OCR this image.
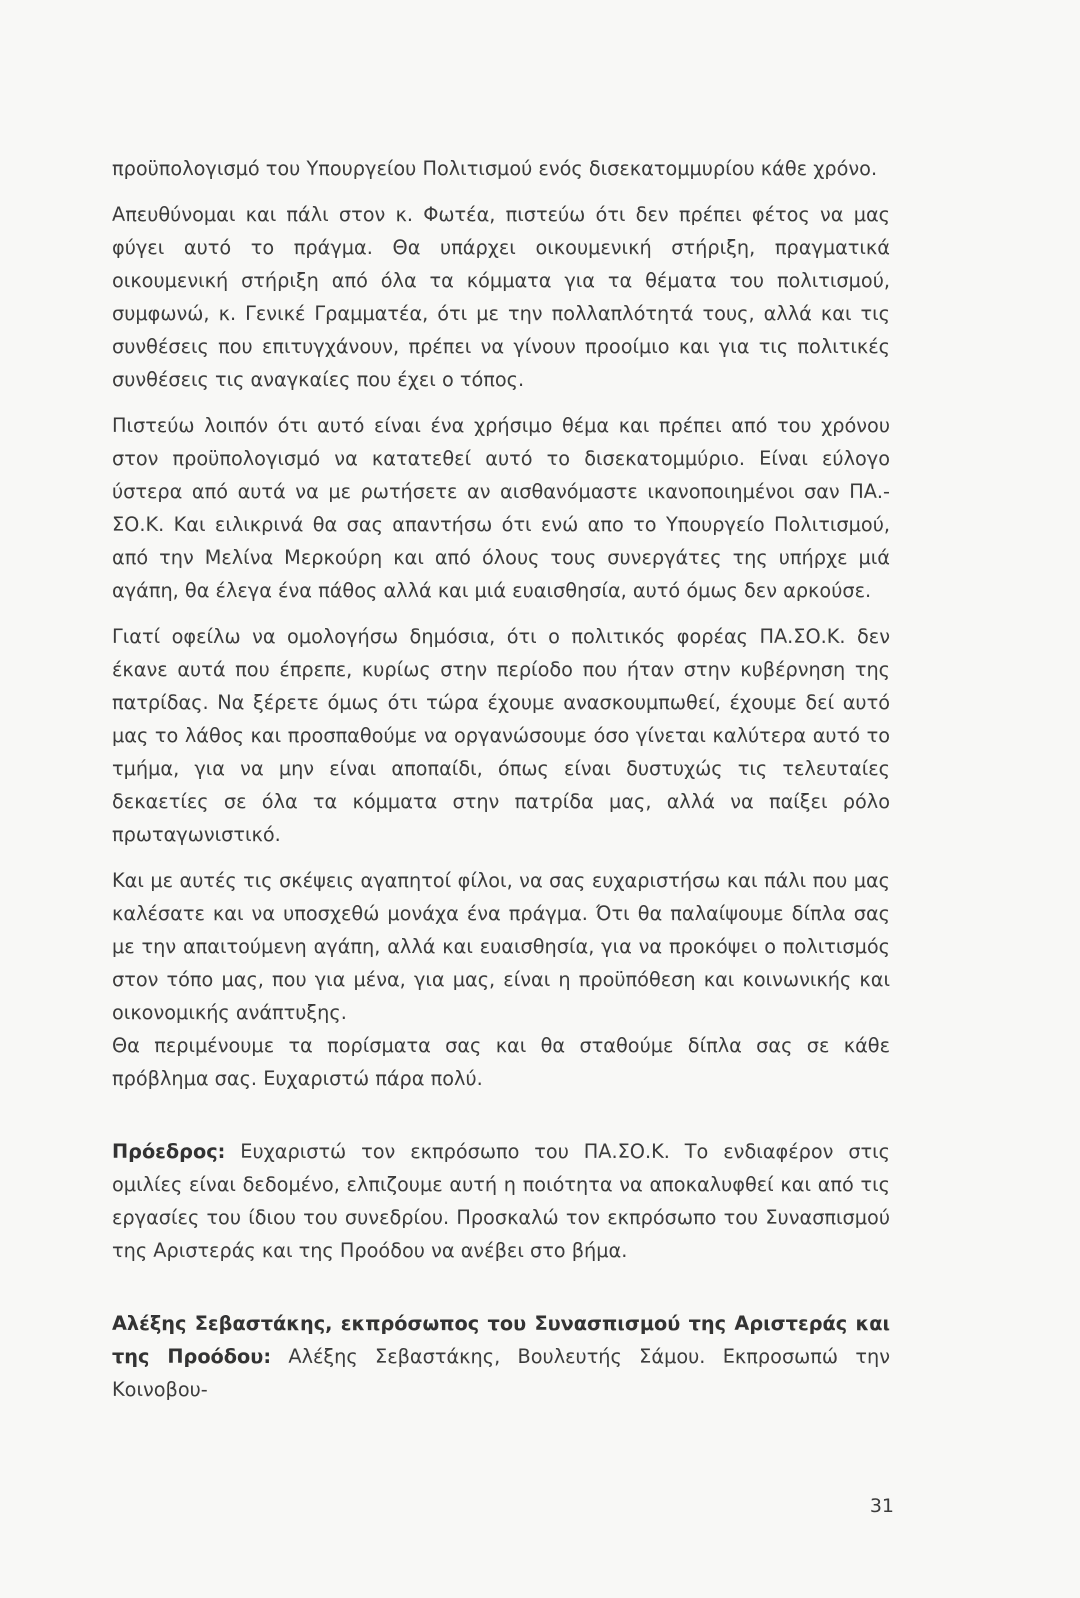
προϋπολογισμό του Υπουργείου Πολιτισμού ενός δισεκατομμυρίου κάθε χρόνο.

Απευθύνομαι και πάλι στον κ. Φωτέα, πιστεύω ότι δεν πρέπει φέτος να μας φύγει αυτό το πράγμα. Θα υπάρχει οικουμενική στήριξη, πραγματικά οικουμενική στήριξη από όλα τα κόμματα για τα θέματα του πολιτισμού, συμφωνώ, κ. Γενικέ Γραμματέα, ότι με την πολλαπλότητά τους, αλλά και τις συνθέσεις που επιτυγχάνουν, πρέπει να γίνουν προοίμιο και για τις πολιτικές συνθέσεις τις αναγκαίες που έχει ο τόπος.

Πιστεύω λοιπόν ότι αυτό είναι ένα χρήσιμο θέμα και πρέπει από του χρόνου στον προϋπολογισμό να κατατεθεί αυτό το δισεκατομμύριο. Είναι εύλογο ύστερα από αυτά να με ρωτήσετε αν αισθανόμαστε ικανοποιημένοι σαν ΠΑ.-ΣΟ.Κ. Και ειλικρινά θα σας απαντήσω ότι ενώ απο το Υπουργείο Πολιτισμού, από την Μελίνα Μερκούρη και από όλους τους συνεργάτες της υπήρχε μιά αγάπη, θα έλεγα ένα πάθος αλλά και μιά ευαισθησία, αυτό όμως δεν αρκούσε.

Γιατί οφείλω να ομολογήσω δημόσια, ότι ο πολιτικός φορέας ΠΑ.ΣΟ.Κ. δεν έκανε αυτά που έπρεπε, κυρίως στην περίοδο που ήταν στην κυβέρνηση της πατρίδας. Να ξέρετε όμως ότι τώρα έχουμε ανασκουμπωθεί, έχουμε δεί αυτό μας το λάθος και προσπαθούμε να οργανώσουμε όσο γίνεται καλύτερα αυτό το τμήμα, για να μην είναι αποπαίδι, όπως είναι δυστυχώς τις τελευταίες δεκαετίες σε όλα τα κόμματα στην πατρίδα μας, αλλά να παίξει ρόλο πρωταγωνιστικό.

Και με αυτές τις σκέψεις αγαπητοί φίλοι, να σας ευχαριστήσω και πάλι που μας καλέσατε και να υποσχεθώ μονάχα ένα πράγμα. Ότι θα παλαίψουμε δίπλα σας με την απαιτούμενη αγάπη, αλλά και ευαισθησία, για να προκόψει ο πολιτισμός στον τόπο μας, που για μένα, για μας, είναι η προϋπόθεση και κοινωνικής και οικονομικής ανάπτυξης.

Θα περιμένουμε τα πορίσματα σας και θα σταθούμε δίπλα σας σε κάθε πρόβλημα σας. Ευχαριστώ πάρα πολύ.

Πρόεδρος: Ευχαριστώ τον εκπρόσωπο του ΠΑ.ΣΟ.Κ. Το ενδιαφέρον στις ομιλίες είναι δεδομένο, ελπιζουμε αυτή η ποιότητα να αποκαλυφθεί και από τις εργασίες του ίδιου του συνεδρίου. Προσκαλώ τον εκπρόσωπο του Συνασπισμού της Αριστεράς και της Προόδου να ανέβει στο βήμα.

Αλέξης Σεβαστάκης, εκπρόσωπος του Συνασπισμού της Αριστεράς και της Προόδου: Αλέξης Σεβαστάκης, Βουλευτής Σάμου. Εκπροσωπώ την Κοινοβου-

31
